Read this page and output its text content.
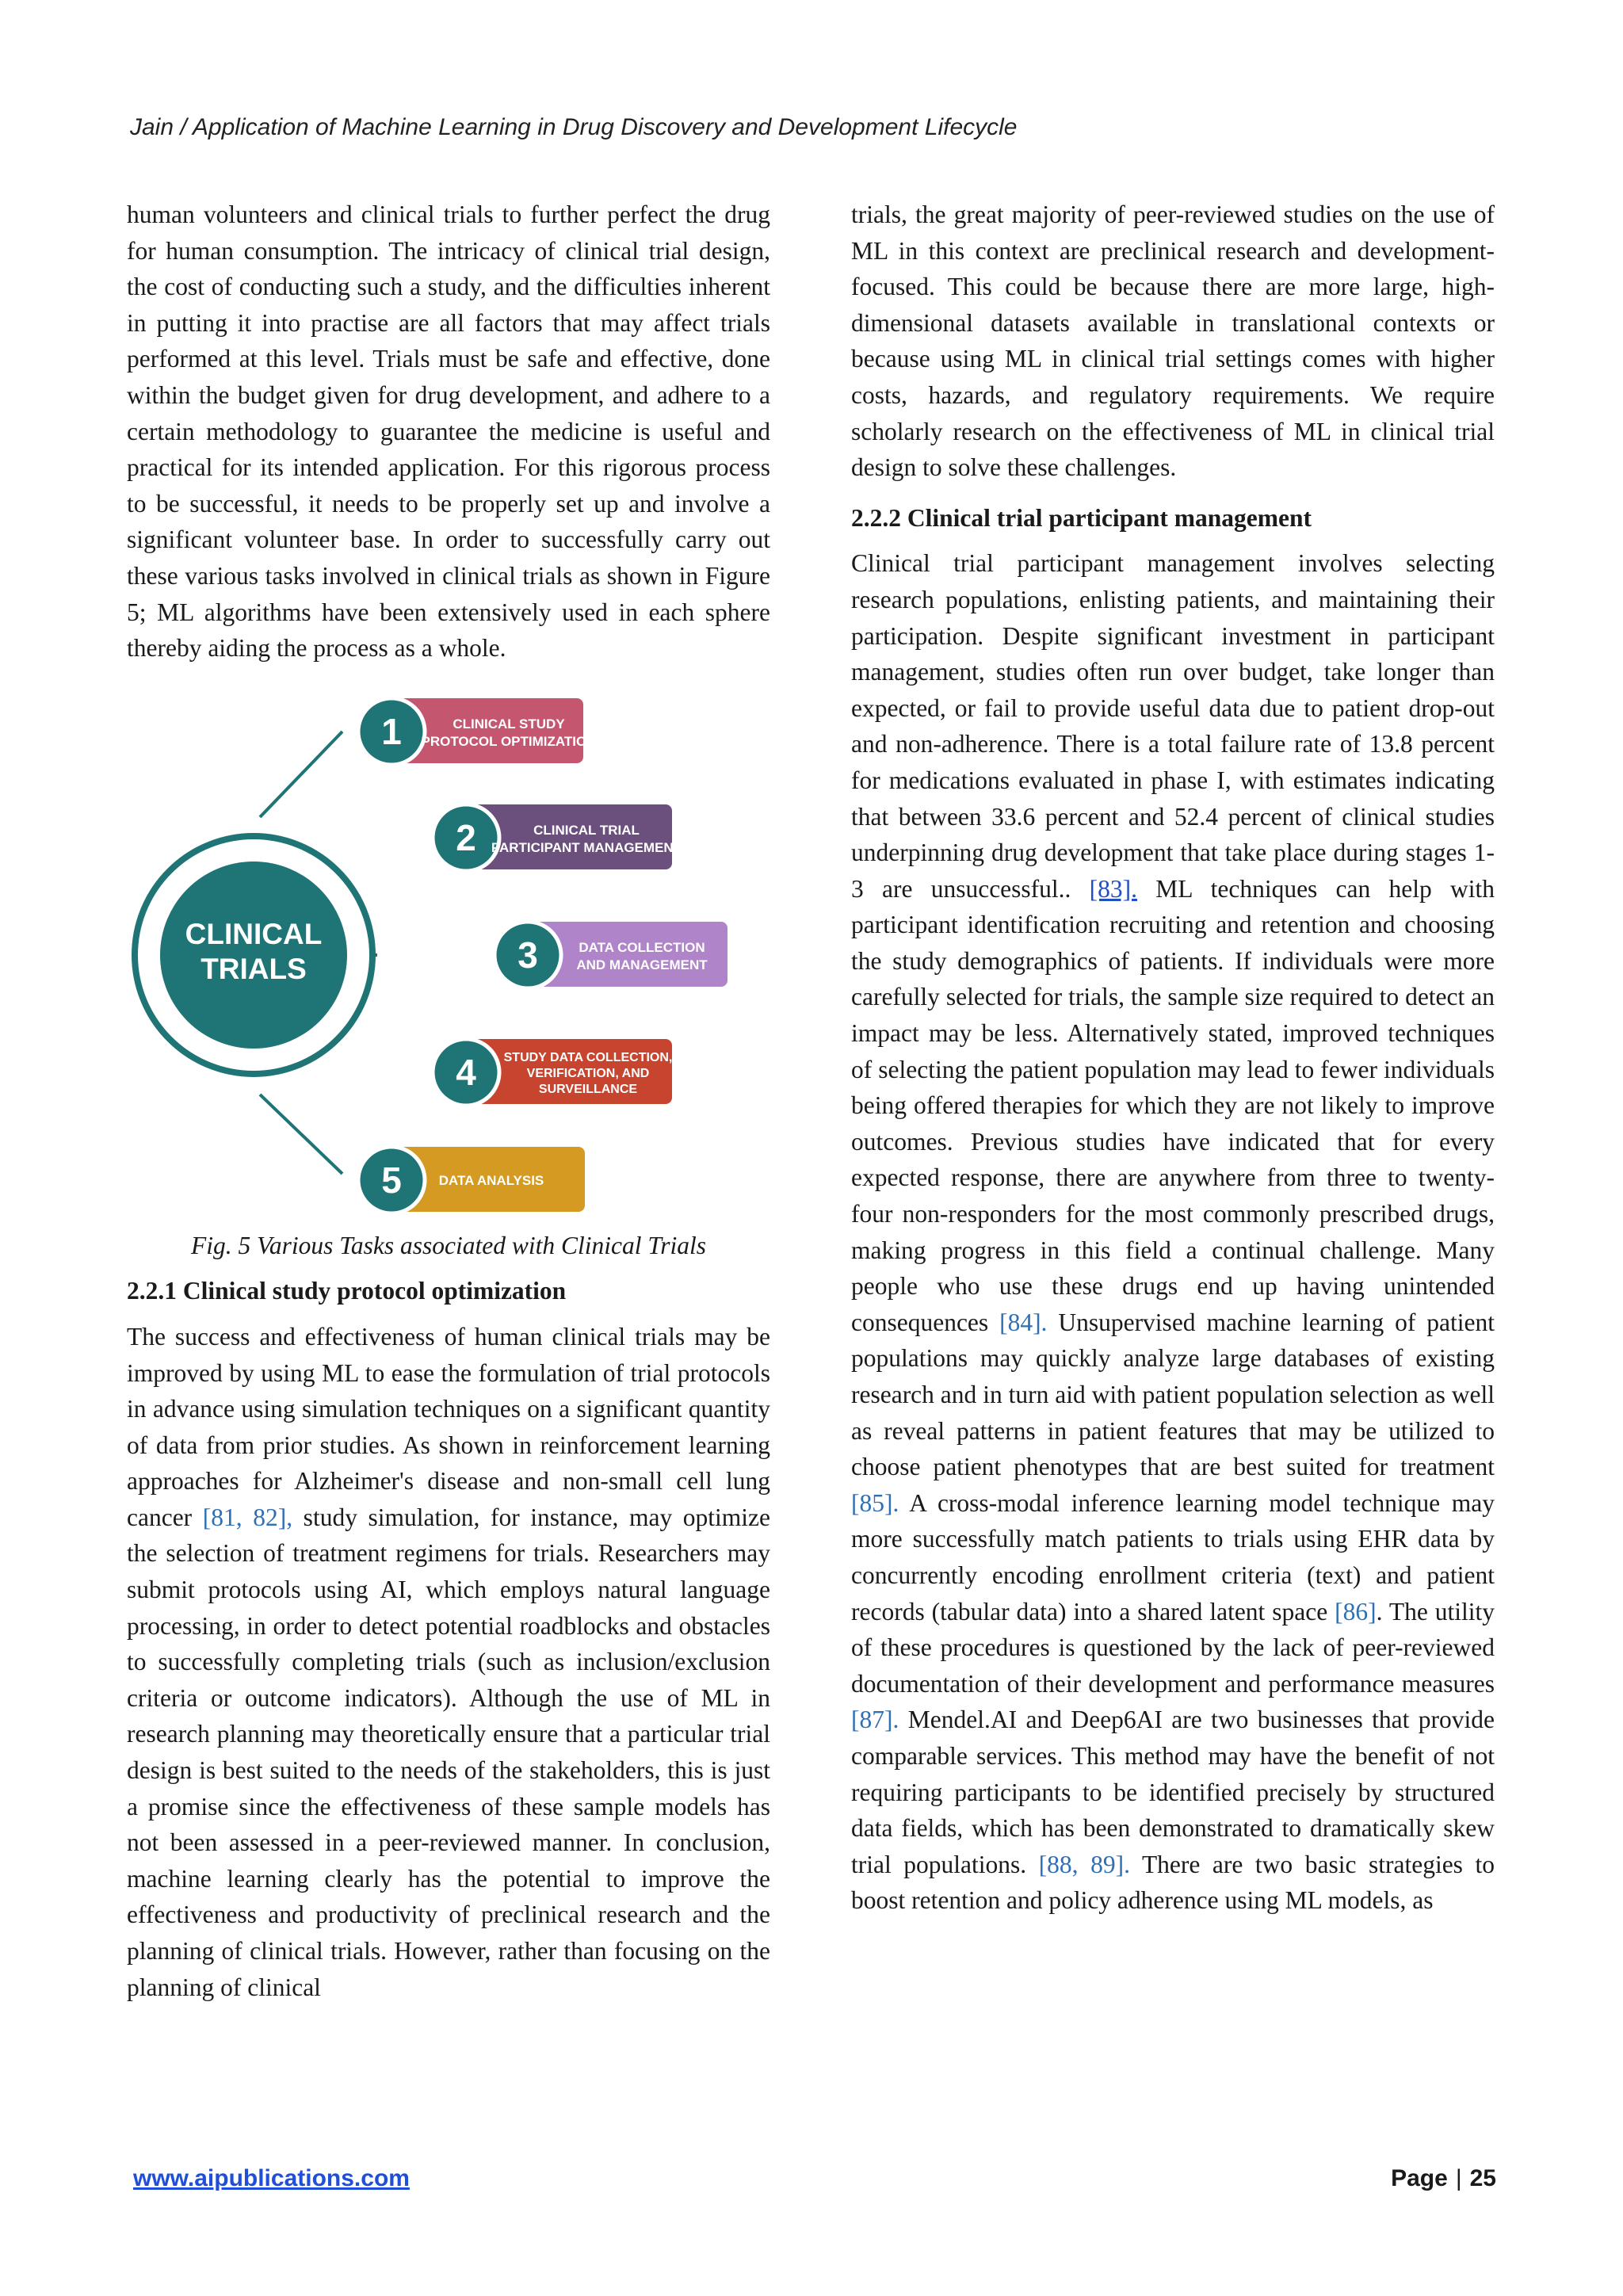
Jain / Application of Machine Learning in Drug Discovery and Development Lifecycle

human volunteers and clinical trials to further perfect the drug for human consumption. The intricacy of clinical trial design, the cost of conducting such a study, and the difficulties inherent in putting it into practise are all factors that may affect trials performed at this level. Trials must be safe and effective, done within the budget given for drug development, and adhere to a certain methodology to guarantee the medicine is useful and practical for its intended application. For this rigorous process to be successful, it needs to be properly set up and involve a significant volunteer base. In order to successfully carry out these various tasks involved in clinical trials as shown in Figure 5; ML algorithms have been extensively used in each sphere thereby aiding the process as a whole.

CLINICAL
TRIALS
1	CLINICAL STUDY
PROTOCOL OPTIMIZATION
2	CLINICAL TRIAL
PARTICIPANT MANAGEMENT
3	DATA COLLECTION
AND MANAGEMENT
4 STUDY DATA COLLECTION,
VERIFICATION, AND
SURVEILLANCE
5	DATA ANALYSIS

Fig. 5 Various Tasks associated with Clinical Trials

2.2.1 Clinical study protocol optimization

The success and effectiveness of human clinical trials may be improved by using ML to ease the formulation of trial protocols in advance using simulation techniques on a significant quantity of data from prior studies. As shown in reinforcement learning approaches for Alzheimer's disease and non-small cell lung cancer [81, 82], study simulation, for instance, may optimize the selection of treatment regimens for trials. Researchers may submit protocols using AI, which employs natural language processing, in order to detect potential roadblocks and obstacles to successfully completing trials (such as inclusion/exclusion criteria or outcome indicators). Although the use of ML in research planning may theoretically ensure that a particular trial design is best suited to the needs of the stakeholders, this is just a promise since the effectiveness of these sample models has not been assessed in a peer-reviewed manner. In conclusion, machine learning clearly has the potential to improve the effectiveness and productivity of preclinical research and the planning of clinical trials. However, rather than focusing on the planning of clinical

trials, the great majority of peer-reviewed studies on the use of ML in this context are preclinical research and development-focused. This could be because there are more large, high-dimensional datasets available in translational contexts or because using ML in clinical trial settings comes with higher costs, hazards, and regulatory requirements. We require scholarly research on the effectiveness of ML in clinical trial design to solve these challenges.

2.2.2 Clinical trial participant management

Clinical trial participant management involves selecting research populations, enlisting patients, and maintaining their participation. Despite significant investment in participant management, studies often run over budget, take longer than expected, or fail to provide useful data due to patient drop-out and non-adherence. There is a total failure rate of 13.8 percent for medications evaluated in phase I, with estimates indicating that between 33.6 percent and 52.4 percent of clinical studies underpinning drug development that take place during stages 1-3 are unsuccessful.. [83]. ML techniques can help with participant identification recruiting and retention and choosing the study demographics of patients. If individuals were more carefully selected for trials, the sample size required to detect an impact may be less. Alternatively stated, improved techniques of selecting the patient population may lead to fewer individuals being offered therapies for which they are not likely to improve outcomes. Previous studies have indicated that for every expected response, there are anywhere from three to twenty-four non-responders for the most commonly prescribed drugs, making progress in this field a continual challenge. Many people who use these drugs end up having unintended consequences [84]. Unsupervised machine learning of patient populations may quickly analyze large databases of existing research and in turn aid with patient population selection as well as reveal patterns in patient features that may be utilized to choose patient phenotypes that are best suited for treatment [85]. A cross-modal inference learning model technique may more successfully match patients to trials using EHR data by concurrently encoding enrollment criteria (text) and patient records (tabular data) into a shared latent space [86]. The utility of these procedures is questioned by the lack of peer-reviewed documentation of their development and performance measures [87]. Mendel.AI and Deep6AI are two businesses that provide comparable services. This method may have the benefit of not requiring participants to be identified precisely by structured data fields, which has been demonstrated to dramatically skew trial populations. [88, 89]. There are two basic strategies to boost retention and policy adherence using ML models, as

www.aipublications.com	Page | 25
